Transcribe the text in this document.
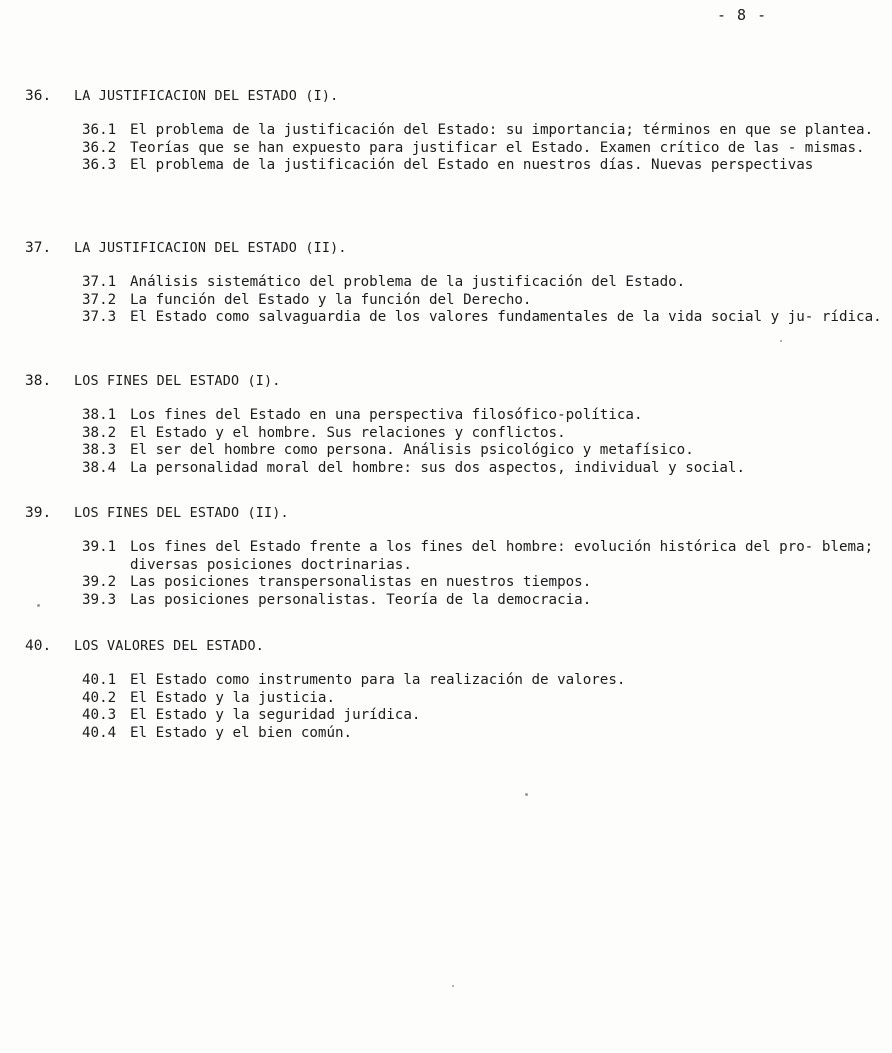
- 8 -
36. LA JUSTIFICACION DEL ESTADO (I).
36.1 El problema de la justificación del Estado: su importancia; términos en que se plantea.
36.2 Teorías que se han expuesto para justificar el Estado. Examen crítico de las - mismas.
36.3 El problema de la justificación del Estado en nuestros días. Nuevas perspectivas
37. LA JUSTIFICACION DEL ESTADO (II).
37.1 Análisis sistemático del problema de la justificación del Estado.
37.2 La función del Estado y la función del Derecho.
37.3 El Estado como salvaguardia de los valores fundamentales de la vida social y ju- rídica.
38. LOS FINES DEL ESTADO (I).
38.1 Los fines del Estado en una perspectiva filosófico-política.
38.2 El Estado y el hombre. Sus relaciones y conflictos.
38.3 El ser del hombre como persona. Análisis psicológico y metafísico.
38.4 La personalidad moral del hombre: sus dos aspectos, individual y social.
39. LOS FINES DEL ESTADO (II).
39.1 Los fines del Estado frente a los fines del hombre: evolución histórica del pro- blema; diversas posiciones doctrinarias.
39.2 Las posiciones transpersonalistas en nuestros tiempos.
39.3 Las posiciones personalistas. Teoría de la democracia.
40. LOS VALORES DEL ESTADO.
40.1 El Estado como instrumento para la realización de valores.
40.2 El Estado y la justicia.
40.3 El Estado y la seguridad jurídica.
40.4 El Estado y el bien común.
